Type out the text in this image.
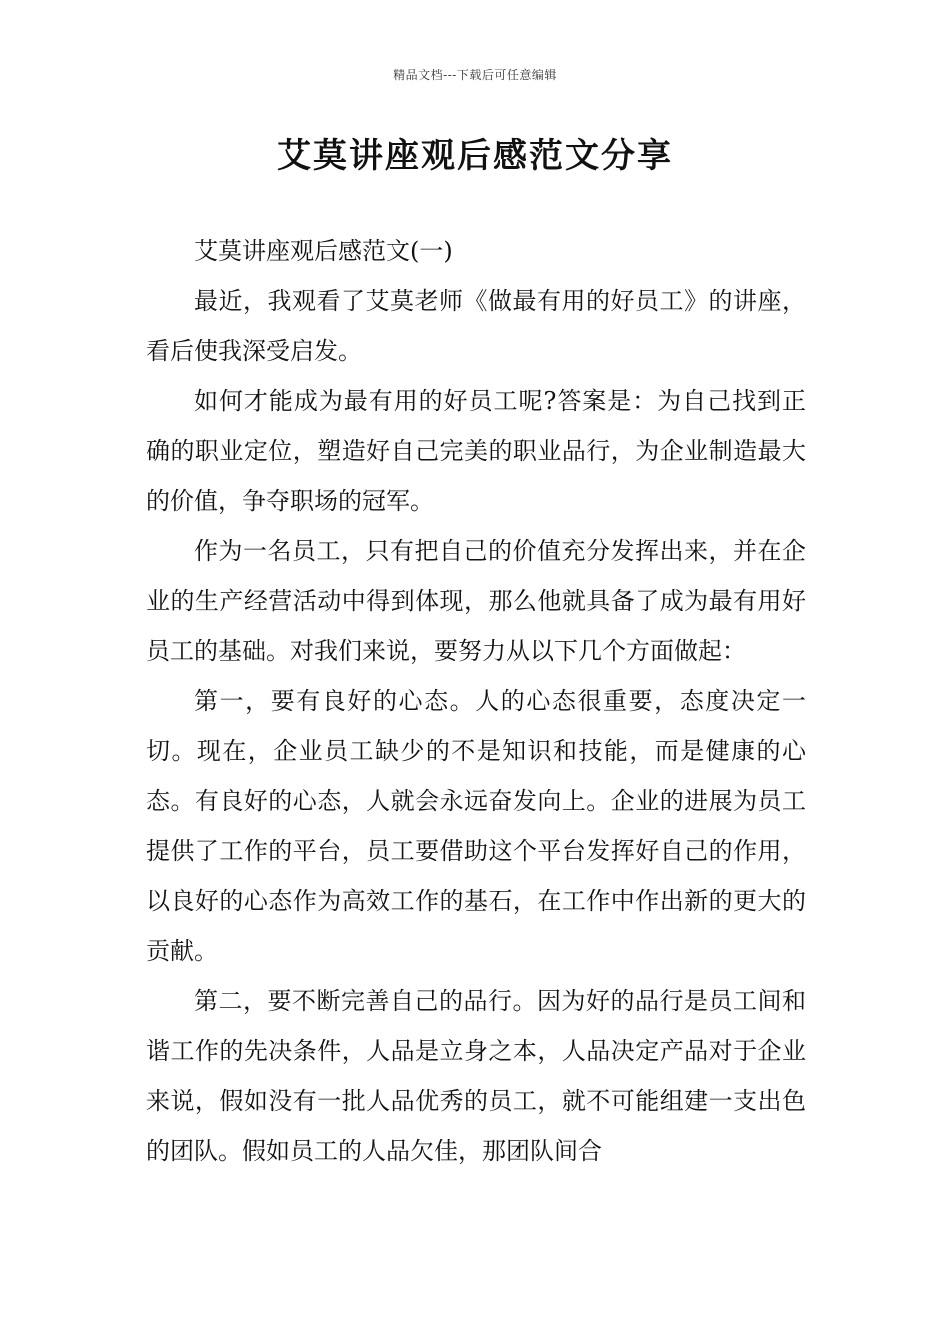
精品文档---下载后可任意编辑
艾莫讲座观后感范文分享

艾莫讲座观后感范文(一)

最近，我观看了艾莫老师《做最有用的好员工》的讲座，看后使我深受启发。

如何才能成为最有用的好员工呢?答案是：为自己找到正确的职业定位，塑造好自己完美的职业品行，为企业制造最大的价值，争夺职场的冠军。

作为一名员工，只有把自己的价值充分发挥出来，并在企业的生产经营活动中得到体现，那么他就具备了成为最有用好员工的基础。对我们来说，要努力从以下几个方面做起：

第一，要有良好的心态。人的心态很重要，态度决定一切。现在，企业员工缺少的不是知识和技能，而是健康的心态。有良好的心态，人就会永远奋发向上。企业的进展为员工提供了工作的平台，员工要借助这个平台发挥好自己的作用，以良好的心态作为高效工作的基石，在工作中作出新的更大的贡献。

第二，要不断完善自己的品行。因为好的品行是员工间和谐工作的先决条件，人品是立身之本，人品决定产品对于企业来说，假如没有一批人品优秀的员工，就不可能组建一支出色的团队。假如员工的人品欠佳，那团队间合
